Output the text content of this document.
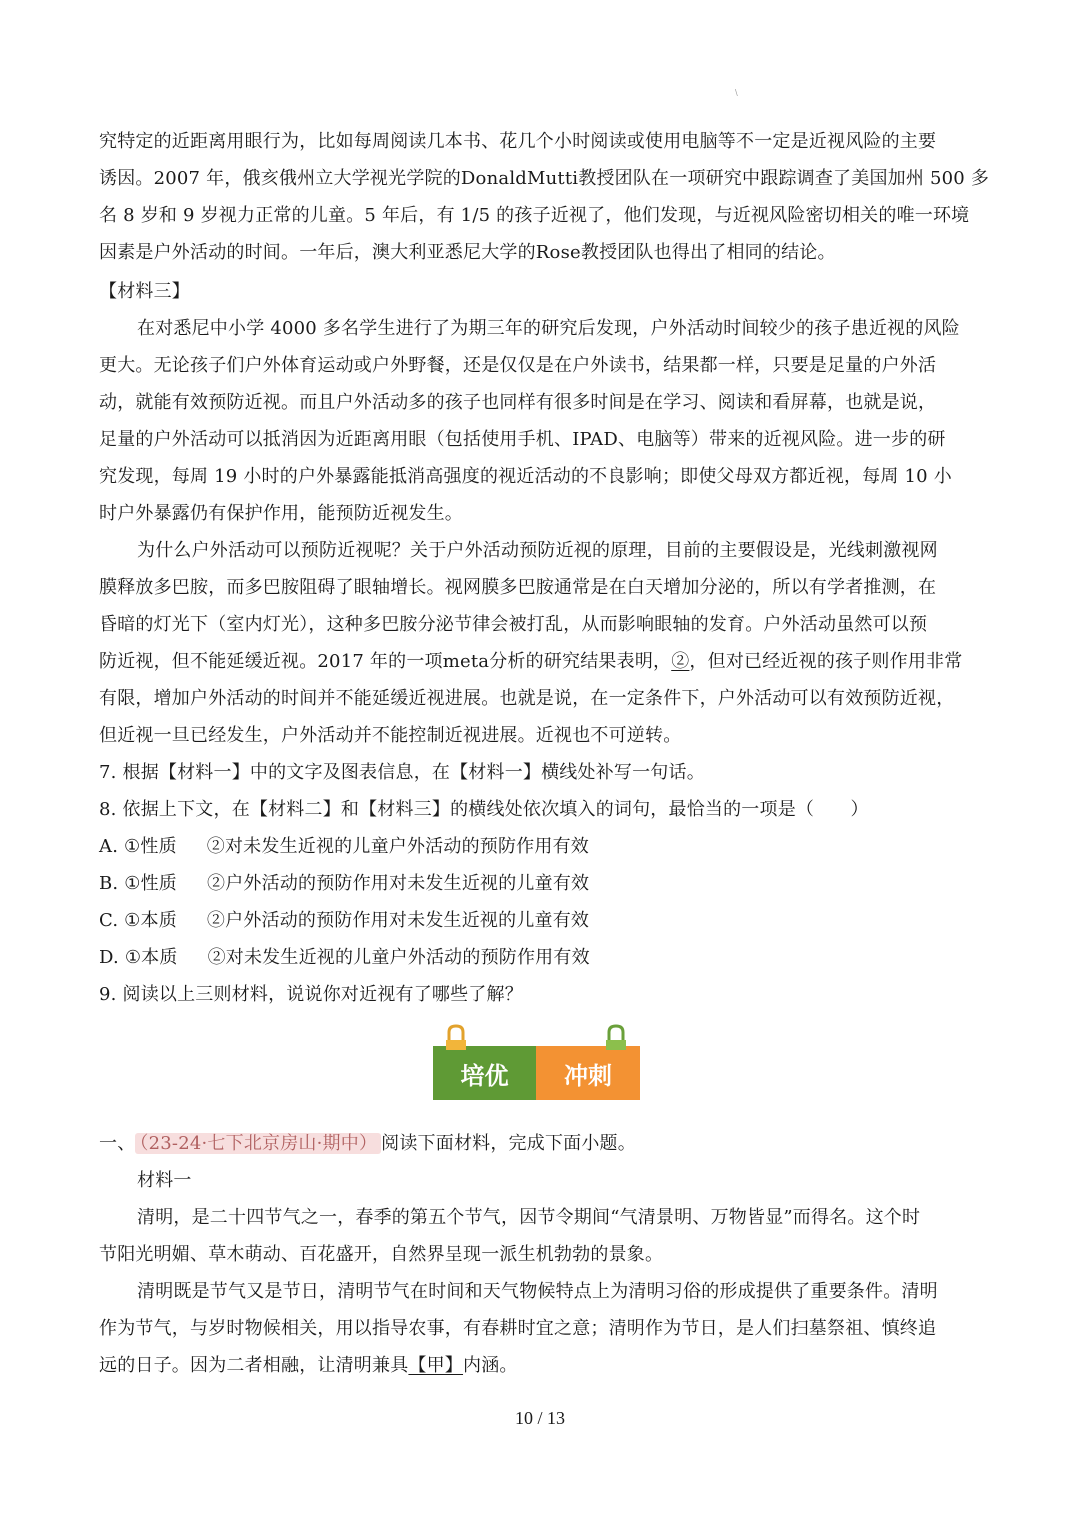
\
究特定的近距离用眼行为，比如每周阅读几本书、花几个小时阅读或使用电脑等不一定是近视风险的主要
诱因。2007 年，俄亥俄州立大学视光学院的DonaldMutti教授团队在一项研究中跟踪调查了美国加州 500 多
名 8 岁和 9 岁视力正常的儿童。5 年后，有 1/5 的孩子近视了，他们发现，与近视风险密切相关的唯一环境
因素是户外活动的时间。一年后，澳大利亚悉尼大学的Rose教授团队也得出了相同的结论。
【材料三】
在对悉尼中小学 4000 多名学生进行了为期三年的研究后发现，户外活动时间较少的孩子患近视的风险
更大。无论孩子们户外体育运动或户外野餐，还是仅仅是在户外读书，结果都一样，只要是足量的户外活
动，就能有效预防近视。而且户外活动多的孩子也同样有很多时间是在学习、阅读和看屏幕，也就是说，
足量的户外活动可以抵消因为近距离用眼（包括使用手机、IPAD、电脑等）带来的近视风险。进一步的研
究发现，每周 19 小时的户外暴露能抵消高强度的视近活动的不良影响；即使父母双方都近视，每周 10 小
时户外暴露仍有保护作用，能预防近视发生。
为什么户外活动可以预防近视呢？关于户外活动预防近视的原理，目前的主要假设是，光线刺激视网
膜释放多巴胺，而多巴胺阻碍了眼轴增长。视网膜多巴胺通常是在白天增加分泌的，所以有学者推测，在
昏暗的灯光下（室内灯光），这种多巴胺分泌节律会被打乱，从而影响眼轴的发育。户外活动虽然可以预
防近视，但不能延缓近视。2017 年的一项meta分析的研究结果表明，②，但对已经近视的孩子则作用非常
有限，增加户外活动的时间并不能延缓近视进展。也就是说，在一定条件下，户外活动可以有效预防近视，
但近视一旦已经发生，户外活动并不能控制近视进展。近视也不可逆转。
7. 根据【材料一】中的文字及图表信息，在【材料一】横线处补写一句话。
8. 依据上下文，在【材料二】和【材料三】的横线处依次填入的词句，最恰当的一项是（　　）
A. ①性质 ②对未发生近视的儿童户外活动的预防作用有效
B. ①性质 ②户外活动的预防作用对未发生近视的儿童有效
C. ①本质 ②户外活动的预防作用对未发生近视的儿童有效
D. ①本质 ②对未发生近视的儿童户外活动的预防作用有效
9. 阅读以上三则材料，说说你对近视有了哪些了解？
培优	冲刺
一、 （23-24·七下北京房山·期中） 阅读下面材料，完成下面小题。
材料一
清明，是二十四节气之一，春季的第五个节气，因节令期间“气清景明、万物皆显”而得名。这个时
节阳光明媚、草木萌动、百花盛开，自然界呈现一派生机勃勃的景象。
清明既是节气又是节日，清明节气在时间和天气物候特点上为清明习俗的形成提供了重要条件。清明
作为节气，与岁时物候相关，用以指导农事，有春耕时宜之意；清明作为节日，是人们扫墓祭祖、慎终追
远的日子。因为二者相融，让清明兼具【甲】内涵。
10 / 13
